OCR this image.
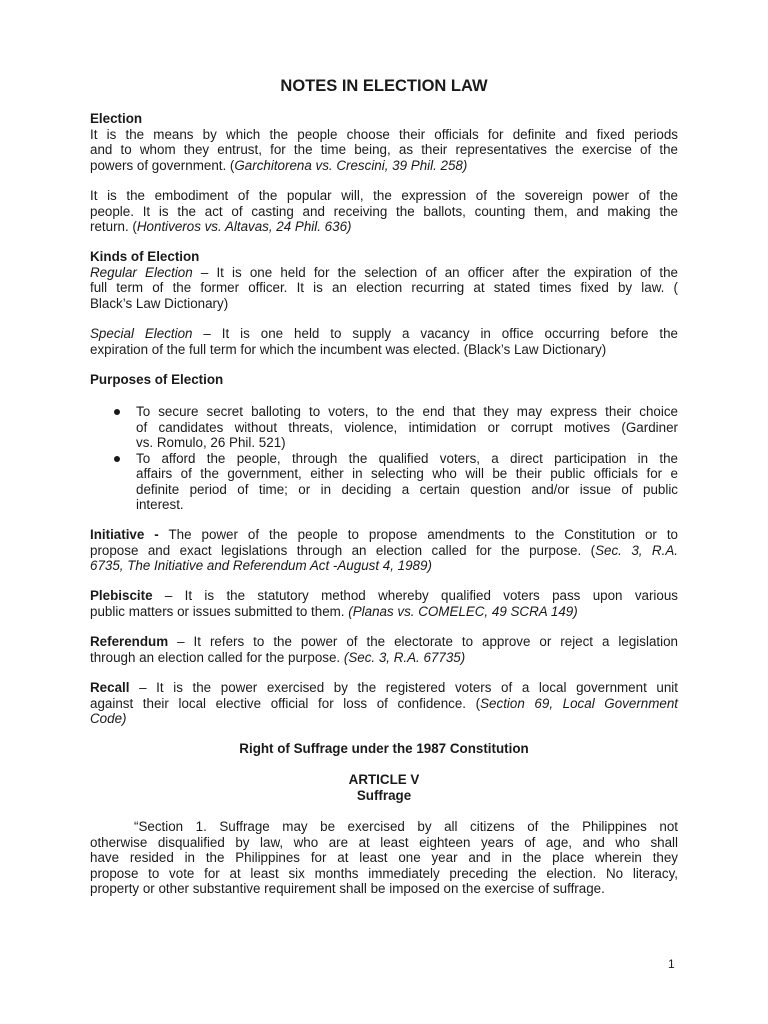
NOTES IN ELECTION LAW
Election
It is the means by which the people choose their officials for definite and fixed periods
and to whom they entrust, for the time being, as their representatives the exercise of the
powers of government. (Garchitorena vs. Crescini, 39 Phil. 258)
It is the embodiment of the popular will, the expression of the sovereign power of the
people. It is the act of casting and receiving the ballots, counting them, and making the
return. (Hontiveros vs. Altavas, 24 Phil. 636)
Kinds of Election
Regular Election – It is one held for the selection of an officer after the expiration of the
full term of the former officer. It is an election recurring at stated times fixed by law. (
Black’s Law Dictionary)
Special Election – It is one held to supply a vacancy in office occurring before the
expiration of the full term for which the incumbent was elected. (Black’s Law Dictionary)
Purposes of Election
To secure secret balloting to voters, to the end that they may express their choice
of candidates without threats, violence, intimidation or corrupt motives (Gardiner
vs. Romulo, 26 Phil. 521)
To afford the people, through the qualified voters, a direct participation in the
affairs of the government, either in selecting who will be their public officials for e
definite period of time; or in deciding a certain question and/or issue of public
interest.
Initiative - The power of the people to propose amendments to the Constitution or to
propose and exact legislations through an election called for the purpose. (Sec. 3, R.A.
6735, The Initiative and Referendum Act -August 4, 1989)
Plebiscite – It is the statutory method whereby qualified voters pass upon various
public matters or issues submitted to them. (Planas vs. COMELEC, 49 SCRA 149)
Referendum – It refers to the power of the electorate to approve or reject a legislation
through an election called for the purpose. (Sec. 3, R.A. 67735)
Recall – It is the power exercised by the registered voters of a local government unit
against their local elective official for loss of confidence. (Section 69, Local Government
Code)
Right of Suffrage under the 1987 Constitution
ARTICLE V
Suffrage
“Section 1. Suffrage may be exercised by all citizens of the Philippines not
otherwise disqualified by law, who are at least eighteen years of age, and who shall
have resided in the Philippines for at least one year and in the place wherein they
propose to vote for at least six months immediately preceding the election. No literacy,
property or other substantive requirement shall be imposed on the exercise of suffrage.
1
